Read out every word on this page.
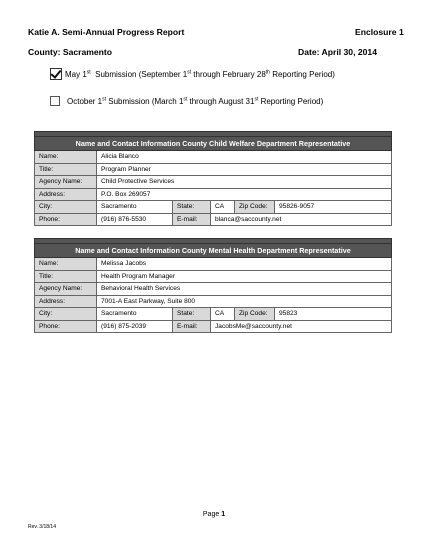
Katie A. Semi-Annual Progress Report	Enclosure 1
County: Sacramento	Date: April 30, 2014
May 1st  Submission (September 1st through February 28th Reporting Period)
October 1st Submission (March 1st through August 31st Reporting Period)

Name and Contact Information County Child Welfare Department Representative					
Name:	Alicia Blanco				
Title:	Program Planner				
Agency Name:	Child Protective Services				
Address:	P.O. Box 269057				
City:	Sacramento	State:	CA	Zip Code:	95826-9057
Phone:	(916) 876-5530	E-mail:	blanca@saccounty.net		

Name and Contact Information County Mental Health Department Representative					
Name:	Melissa Jacobs				
Title:	Health Program Manager				
Agency Name:	Behavioral Health Services				
Address:	7001-A East Parkway, Suite 800				
City:	Sacramento	State:	CA	Zip Code:	95823
Phone:	(916) 875-2039	E-mail:	JacobsMe@saccounty.net		
Page 1
Rev. 3/18/14
